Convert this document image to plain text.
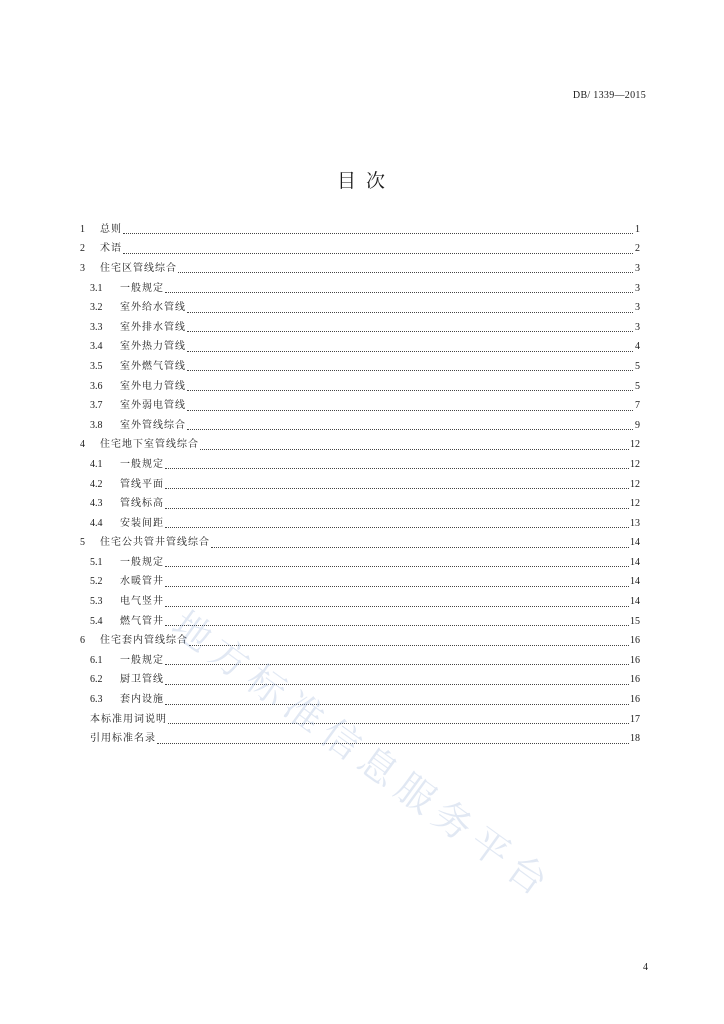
DB/ 1339—2015
目 次
1	总则	1
2	术语	2
3	住宅区管线综合	3
3.1	一般规定	3
3.2	室外给水管线	3
3.3	室外排水管线	3
3.4	室外热力管线	4
3.5	室外燃气管线	5
3.6	室外电力管线	5
3.7	室外弱电管线	7
3.8	室外管线综合	9
4	住宅地下室管线综合	12
4.1	一般规定	12
4.2	管线平面	12
4.3	管线标高	12
4.4	安装间距	13
5	住宅公共管井管线综合	14
5.1	一般规定	14
5.2	水暖管井	14
5.3	电气竖井	14
5.4	燃气管井	15
6	住宅套内管线综合	16
6.1	一般规定	16
6.2	厨卫管线	16
6.3	套内设施	16
本标准用词说明	17
引用标准名录	18
地方标准信息服务平台
4
